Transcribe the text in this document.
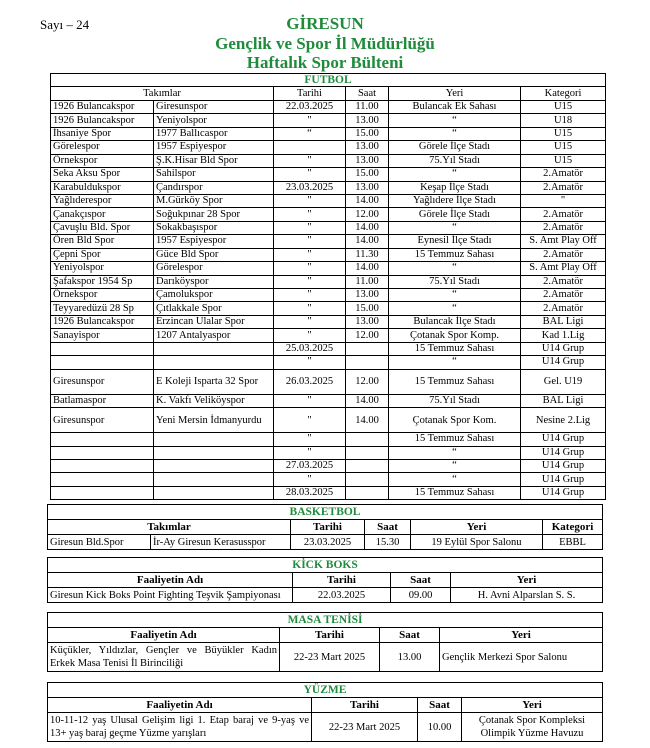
Sayı – 24	GİRESUN
Gençlik ve Spor İl Müdürlüğü
Haftalık Spor Bülteni
FUTBOL					
Takımlar		Tarihi	Saat	Yeri	Kategori
1926 Bulancakspor	Giresunspor	22.03.2025	11.00	Bulancak Ek Sahası	U15
1926 Bulancakspor	Yeniyolspor	"	13.00	“	U18
İhsaniye Spor	1977 Ballıcaspor	“	15.00	“	U15
Görelespor	1957 Espiyespor		13.00	Görele İlçe Stadı	U15
Örnekspor	Ş.K.Hisar Bld Spor	"	13.00	75.Yıl Stadı	U15
Seka Aksu Spor	Sahilspor	"	15.00	“	2.Amatör
Karabulduksp​or	Çandırspor	23.03.2025	13.00	Keşap İlçe Stadı	2.Amatör
Yağlıderespor	M.Gürköy Spor	"	14.00	Yağlıdere İlçe Stadı	"
Çanakçıspor	Soğukpınar 28 Spor	"	12.00	Görele İlçe Stadı	2.Amatör
Çavuşlu Bld. Spor	Sokakbaşıspor	"	14.00	“	2.Amatör
Ören Bld Spor	1957 Espiyespor	"	14.00	Eynesil İlçe Stadı	S. Amt Play Off
Çepni Spor	Güce Bld Spor	"	11.30	15 Temmuz Sahası	2.Amatör
Yeniyolspor	Görelespor	"	14.00	“	S. Amt Play Off
Şafakspor 1954 Sp	Darıköyspor	"	11.00	75.Yıl Stadı	2.Amatör
Örnekspor	Çamolukspor	"	13.00	“	2.Amatör
Teyyaredüzü 28 Sp	Çıtlakkale Spor	"	15.00	“	2.Amatör
1926 Bulancakspor	Erzincan Ulalar Spor	"	13.00	Bulancak İlçe Stadı	BAL Ligi
Sanayispor	1207 Antalyaspor	"	12.00	Çotanak Spor Komp.	Kad 1.Lig
		25.03.2025		15 Temmuz Sahası	U14 Grup
		"		“	U14 Grup
Giresunspor	E Koleji Isparta 32 Spor	26.03.2025	12.00	15 Temmuz Sahası	Gel. U19
Batlamaspor	K. Vakfı Veliköyspor	"	14.00	75.Yıl Stadı	BAL Ligi
Giresunspor	Yeni Mersin İdmanyurdu	"	14.00	Çotanak Spor Kom.	Nesine 2.Lig
		"		15 Temmuz Sahası	U14 Grup
		"		“	U14 Grup
		27.03.2025		“	U14 Grup
		"		“	U14 Grup
		28.03.2025		15 Temmuz Sahası	U14 Grup
BASKETBOL					
Takımlar		Tarihi	Saat	Yeri	Kategori
Giresun Bld.Spor	İr-Ay Giresun Kerasusspor	23.03.2025	15.30	19 Eylül Spor Salonu	EBBL
KİCK BOKS			
Faaliyetin Adı	Tarihi	Saat	Yeri
Giresun Kick Boks Point Fighting Teşvik Şampiyonası	22.03.2025	09.00	H. Avni Alparslan S. S.
MASA TENİSİ			
Faaliyetin Adı	Tarihi	Saat	Yeri
Küçükler, Yıldızlar, Gençler ve Büyükler Kadın Erkek Masa Tenisi İl Birinciliği	22-23 Mart 2025	13.00	Gençlik Merkezi Spor Salonu
YÜZME			
Faaliyetin Adı	Tarihi	Saat	Yeri
10-11-12 yaş Ulusal Gelişim ligi 1. Etap baraj ve 9-yaş ve 13+ yaş baraj geçme Yüzme yarışları	22-23 Mart 2025	10.00	Çotanak Spor Kompleksi Olimpik Yüzme Havuzu
